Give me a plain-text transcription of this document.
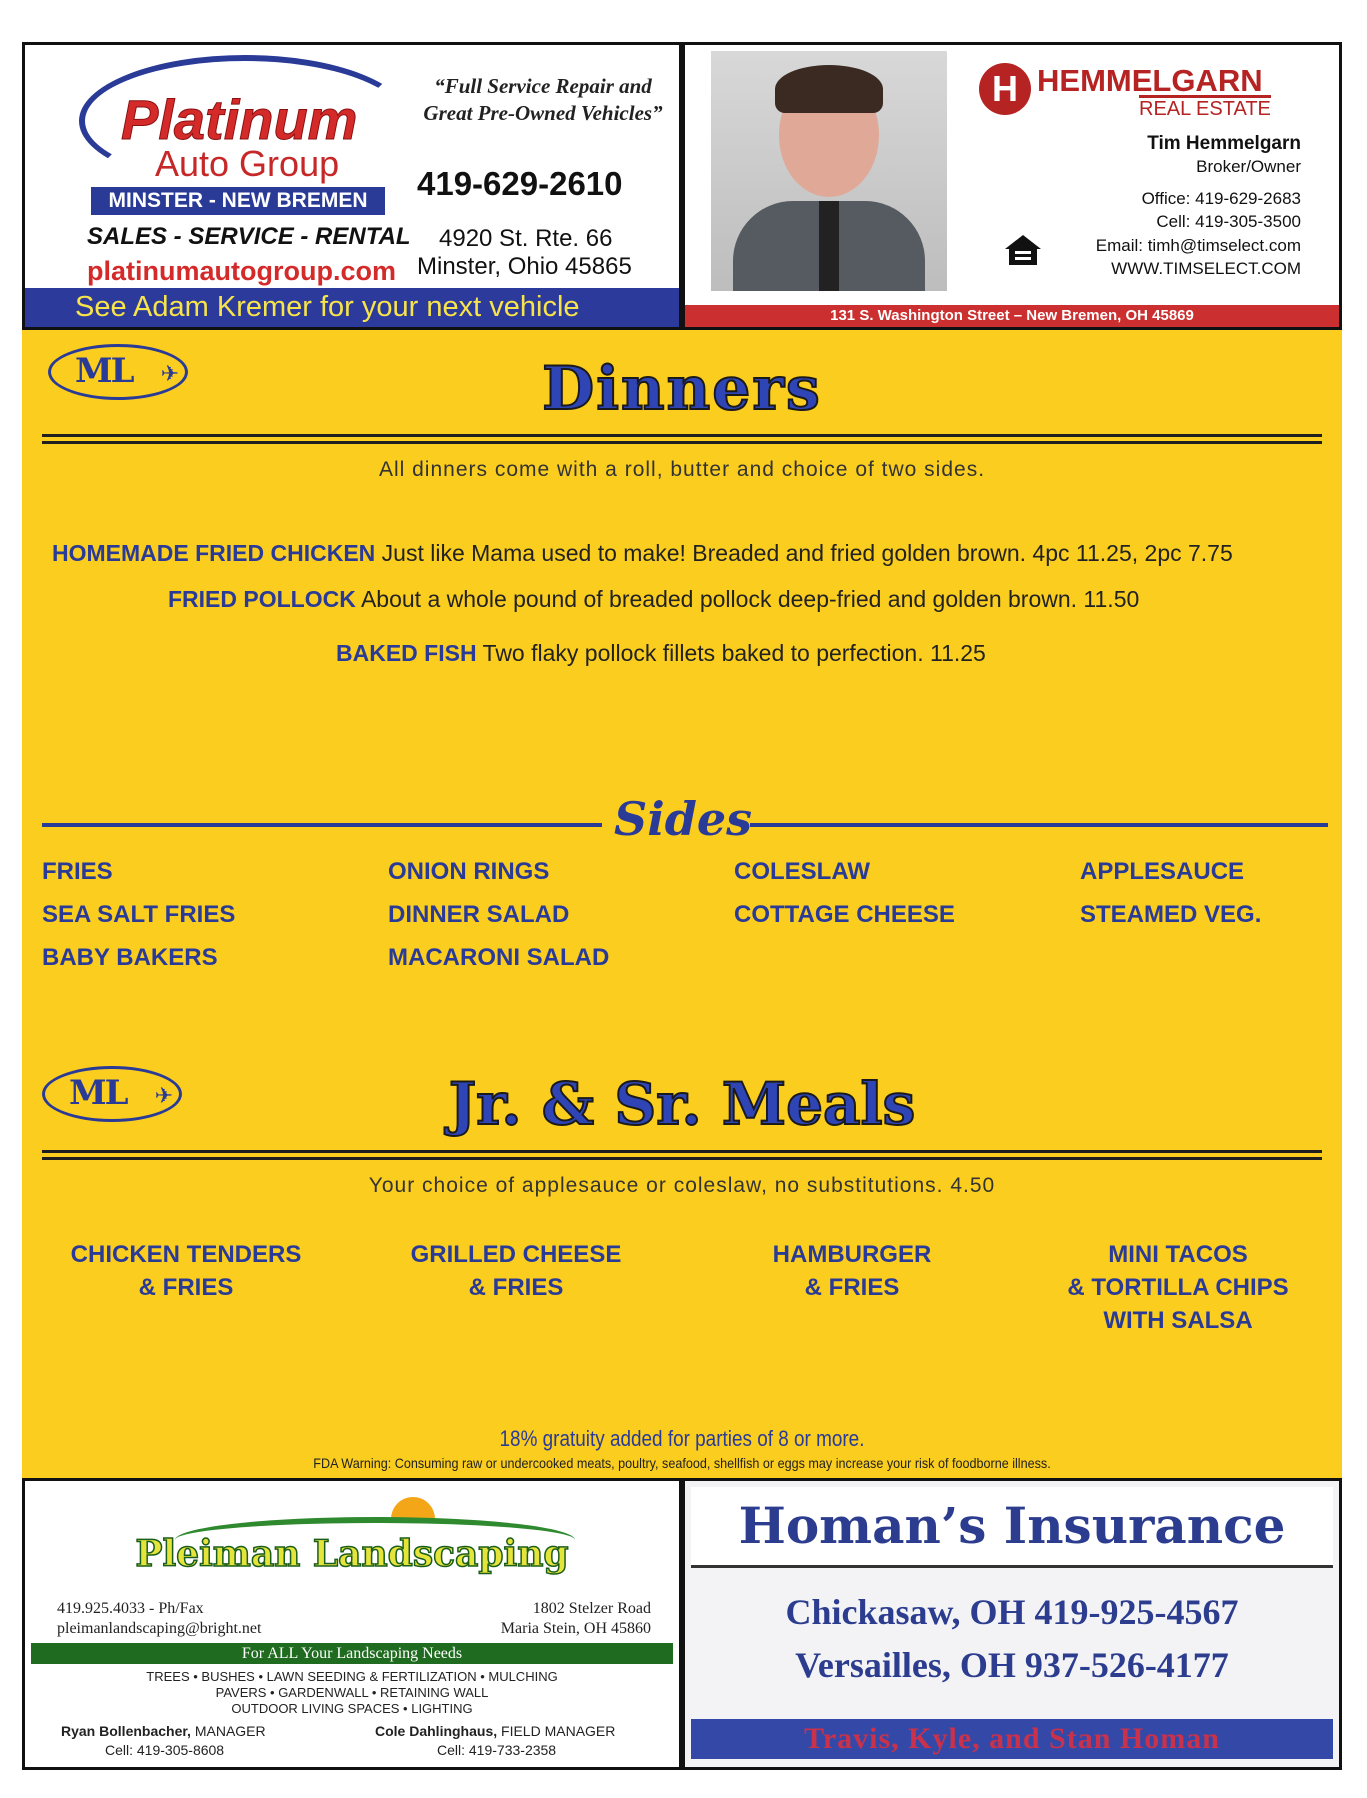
Platinum
Auto Group
MINSTER - NEW BREMEN
SALES - SERVICE - RENTAL
platinumautogroup.com
“Full Service Repair and Great Pre-Owned Vehicles”
419-629-2610
4920 St. Rte. 66
Minster, Ohio 45865
See Adam Kremer for your next vehicle
H HEMMELGARN
REAL ESTATE
Tim Hemmelgarn
Broker/Owner
Office: 419-629-2683
Cell: 419-305-3500
Email: timh@timselect.com
WWW.TIMSELECT.COM
131 S. Washington Street – New Bremen, OH 45869
ML ✈	Dinners
All dinners come with a roll, butter and choice of two sides.
HOMEMADE FRIED CHICKEN Just like Mama used to make! Breaded and fried golden brown. 4pc 11.25, 2pc 7.75
FRIED POLLOCK About a whole pound of breaded pollock deep-fried and golden brown. 11.50
BAKED FISH Two flaky pollock fillets baked to perfection. 11.25
Sides
FRIES
SEA SALT FRIES
BABY BAKERS
ONION RINGS
DINNER SALAD
MACARONI SALAD
COLESLAW
COTTAGE CHEESE
APPLESAUCE
STEAMED VEG.
ML ✈	Jr. & Sr. Meals
Your choice of applesauce or coleslaw, no substitutions. 4.50
CHICKEN TENDERS
& FRIES
GRILLED CHEESE
& FRIES
HAMBURGER
& FRIES
MINI TACOS
& TORTILLA CHIPS
WITH SALSA
18% gratuity added for parties of 8 or more.
FDA Warning: Consuming raw or undercooked meats, poultry, seafood, shellfish or eggs may increase your risk of foodborne illness.
Pleiman Landscaping
419.925.4033 - Ph/Fax
pleimanlandscaping@bright.net
1802 Stelzer Road
Maria Stein, OH 45860
For ALL Your Landscaping Needs
TREES • BUSHES • LAWN SEEDING & FERTILIZATION • MULCHING
PAVERS • GARDENWALL • RETAINING WALL
OUTDOOR LIVING SPACES • LIGHTING
Ryan Bollenbacher, MANAGER
Cell: 419-305-8608
Cole Dahlinghaus, FIELD MANAGER
Cell: 419-733-2358
Homan’s Insurance
Chickasaw, OH 419-925-4567
Versailles, OH 937-526-4177
Travis, Kyle, and Stan Homan
